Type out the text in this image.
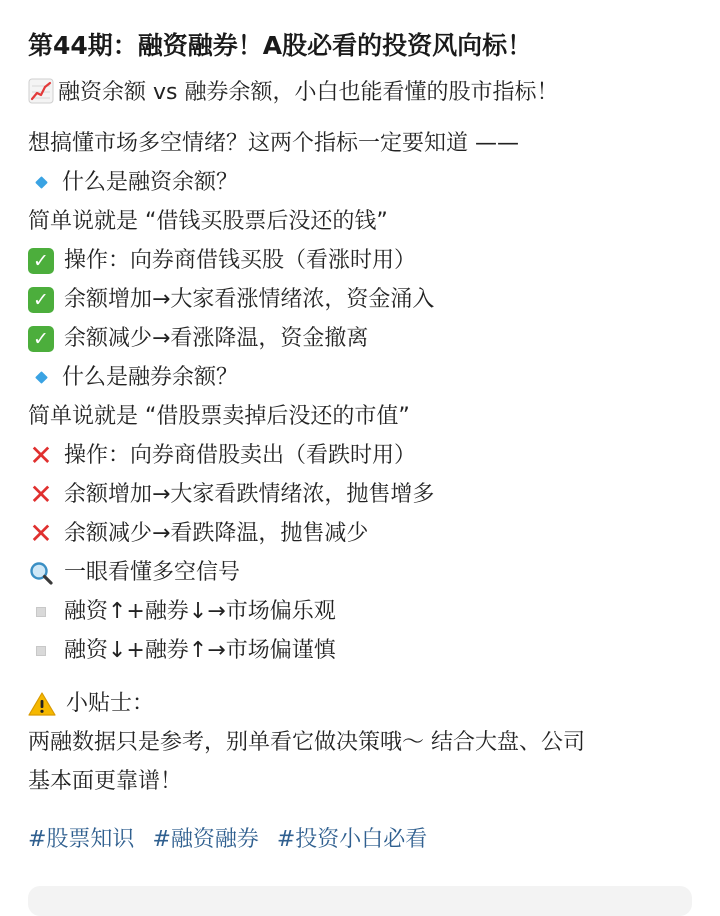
第44期：融资融券！A股必看的投资风向标！
融资余额 vs 融券余额，小白也能看懂的股市指标！
想搞懂市场多空情绪？这两个指标一定要知道 ——
什么是融资余额？
简单说就是 “借钱买股票后没还的钱”
✓ 操作：向券商借钱买股（看涨时用）
✓ 余额增加→大家看涨情绪浓，资金涌入
✓ 余额减少→看涨降温，资金撤离
什么是融券余额？
简单说就是 “借股票卖掉后没还的市值”
✕ 操作：向券商借股卖出（看跌时用）
✕ 余额增加→大家看跌情绪浓，抛售增多
✕ 余额减少→看跌降温，抛售减少
一眼看懂多空信号
融资↑+融券↓→市场偏乐观
融资↓+融券↑→市场偏谨慎
小贴士：
两融数据只是参考，别单看它做决策哦～ 结合大盘、公司
基本面更靠谱！
#股票知识 #融资融券 #投资小白必看
